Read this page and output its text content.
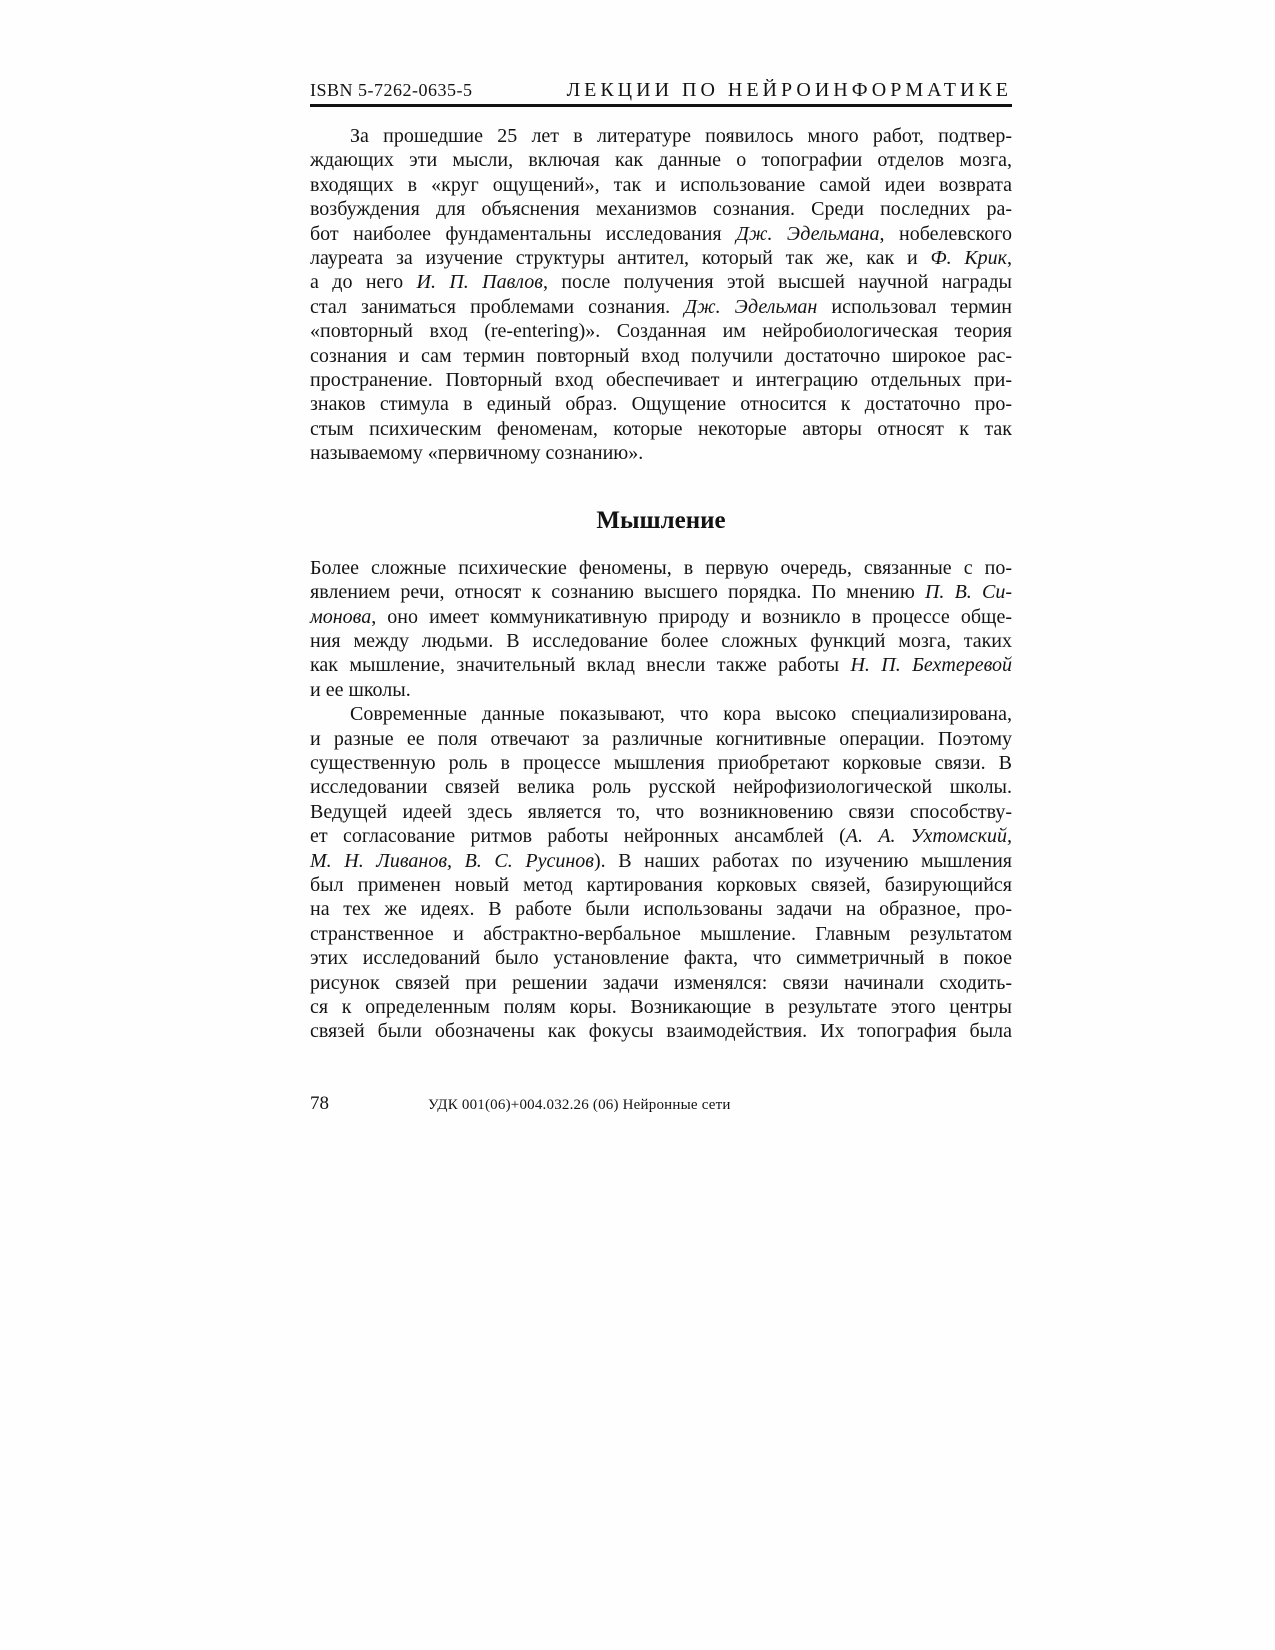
ISBN 5-7262-0635-5	ЛЕКЦИИ ПО НЕЙРОИНФОРМАТИКЕ
За прошедшие 25 лет в литературе появилось много работ, подтвер-
ждающих эти мысли, включая как данные о топографии отделов мозга,
входящих в «круг ощущений», так и использование самой идеи возврата
возбуждения для объяснения механизмов сознания. Среди последних ра-
бот наиболее фундаментальны исследования Дж. Эдельмана, нобелевского
лауреата за изучение структуры антител, который так же, как и Ф. Крик,
а до него И. П. Павлов, после получения этой высшей научной награды
стал заниматься проблемами сознания. Дж. Эдельман использовал термин
«повторный вход (re-entering)». Созданная им нейробиологическая теория
сознания и сам термин повторный вход получили достаточно широкое рас-
пространение. Повторный вход обеспечивает и интеграцию отдельных при-
знаков стимула в единый образ. Ощущение относится к достаточно про-
стым психическим феноменам, которые некоторые авторы относят к так
называемому «первичному сознанию».
Мышление
Более сложные психические феномены, в первую очередь, связанные с по-
явлением речи, относят к сознанию высшего порядка. По мнению П. В. Си-
монова, оно имеет коммуникативную природу и возникло в процессе обще-
ния между людьми. В исследование более сложных функций мозга, таких
как мышление, значительный вклад внесли также работы Н. П. Бехтеревой
и ее школы.
Современные данные показывают, что кора высоко специализирована,
и разные ее поля отвечают за различные когнитивные операции. Поэтому
существенную роль в процессе мышления приобретают корковые связи. В
исследовании связей велика роль русской нейрофизиологической школы.
Ведущей идеей здесь является то, что возникновению связи способству-
ет согласование ритмов работы нейронных ансамблей (А. А. Ухтомский,
М. Н. Ливанов, В. С. Русинов). В наших работах по изучению мышления
был применен новый метод картирования корковых связей, базирующийся
на тех же идеях. В работе были использованы задачи на образное, про-
странственное и абстрактно-вербальное мышление. Главным результатом
этих исследований было установление факта, что симметричный в покое
рисунок связей при решении задачи изменялся: связи начинали сходить-
ся к определенным полям коры. Возникающие в результате этого центры
связей были обозначены как фокусы взаимодействия. Их топография была
78	УДК 001(06)+004.032.26 (06) Нейронные сети
